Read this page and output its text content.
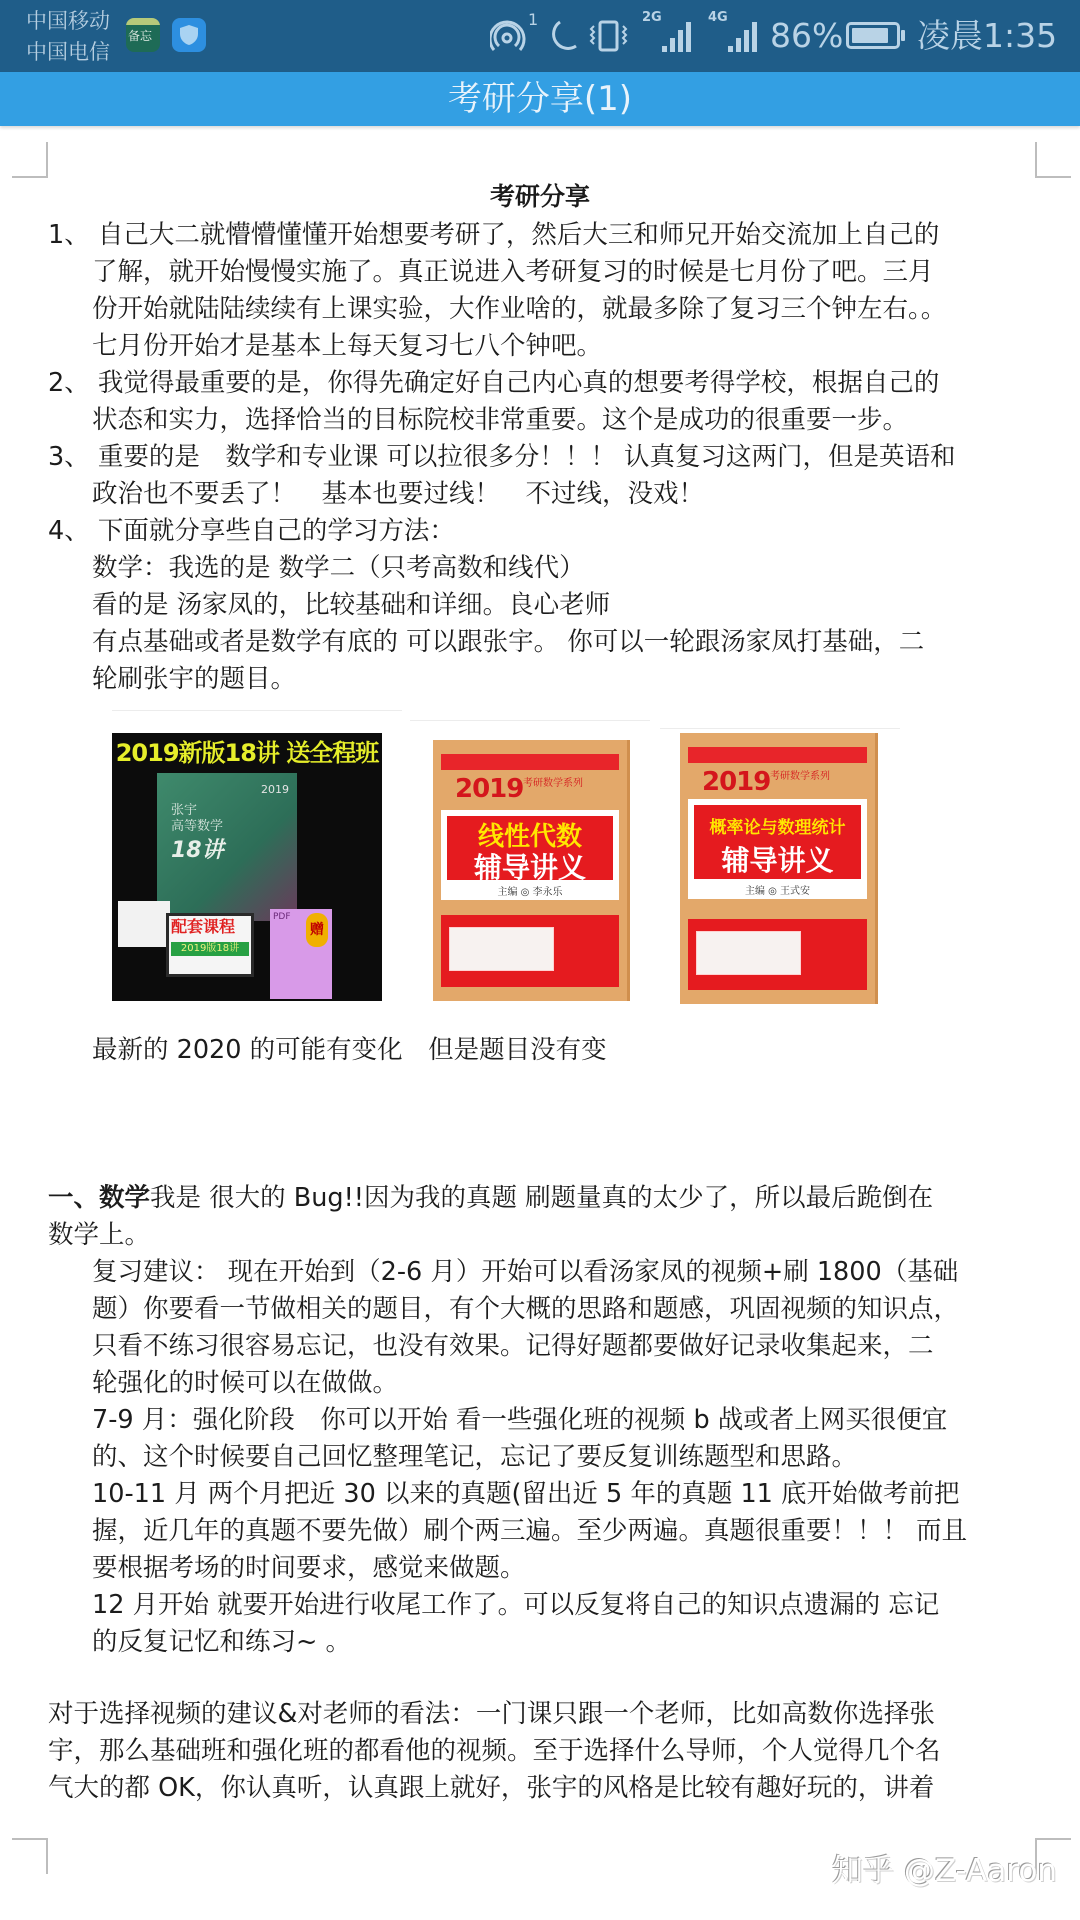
中国移动
中国电信
备忘
1	2G	4G 86% 凌晨1:35
考研分享(1)
考研分享
1、 自己大二就懵懵懂懂开始想要考研了，然后大三和师兄开始交流加上自己的
了解，就开始慢慢实施了。真正说进入考研复习的时候是七月份了吧。三月
份开始就陆陆续续有上课实验，大作业啥的，就最多除了复习三个钟左右。。
七月份开始才是基本上每天复习七八个钟吧。
2、 我觉得最重要的是，你得先确定好自己内心真的想要考得学校，根据自己的
状态和实力，选择恰当的目标院校非常重要。这个是成功的很重要一步。
3、 重要的是　数学和专业课 可以拉很多分！！！ 认真复习这两门，但是英语和
政治也不要丢了！　基本也要过线！　不过线，没戏！
4、 下面就分享些自己的学习方法：
数学：我选的是 数学二（只考高数和线代）
看的是 汤家凤的，比较基础和详细。良心老师
有点基础或者是数学有底的 可以跟张宇。 你可以一轮跟汤家凤打基础，二
轮刷张宇的题目。
2019新版18讲 送全程班
2019
张宇
高等数学
18讲
配套课程
2019版18讲
PDF
赠
2019 考研数学系列
线性代数
辅导讲义
主编 ◎ 李永乐
2019 考研数学系列
概率论与数理统计
辅导讲义
主编 ◎ 王式安
最新的 2020 的可能有变化　但是题目没有变
一、数学我是 很大的 Bug!!因为我的真题 刷题量真的太少了，所以最后跪倒在
数学上。
复习建议： 现在开始到（2-6 月）开始可以看汤家凤的视频+刷 1800（基础
题）你要看一节做相关的题目，有个大概的思路和题感，巩固视频的知识点，
只看不练习很容易忘记，也没有效果。记得好题都要做好记录收集起来，二
轮强化的时候可以在做做。
7-9 月：强化阶段　你可以开始 看一些强化班的视频 b 战或者上网买很便宜
的、这个时候要自己回忆整理笔记，忘记了要反复训练题型和思路。
10-11 月 两个月把近 30 以来的真题(留出近 5 年的真题 11 底开始做考前把
握，近几年的真题不要先做）刷个两三遍。至少两遍。真题很重要！！！ 而且
要根据考场的时间要求，感觉来做题。
12 月开始 就要开始进行收尾工作了。可以反复将自己的知识点遗漏的 忘记
的反复记忆和练习~ 。
对于选择视频的建议&对老师的看法：一门课只跟一个老师，比如高数你选择张
宇，那么基础班和强化班的都看他的视频。至于选择什么导师，个人觉得几个名
气大的都 OK，你认真听，认真跟上就好，张宇的风格是比较有趣好玩的，讲着
知乎 @Z-Aaron
